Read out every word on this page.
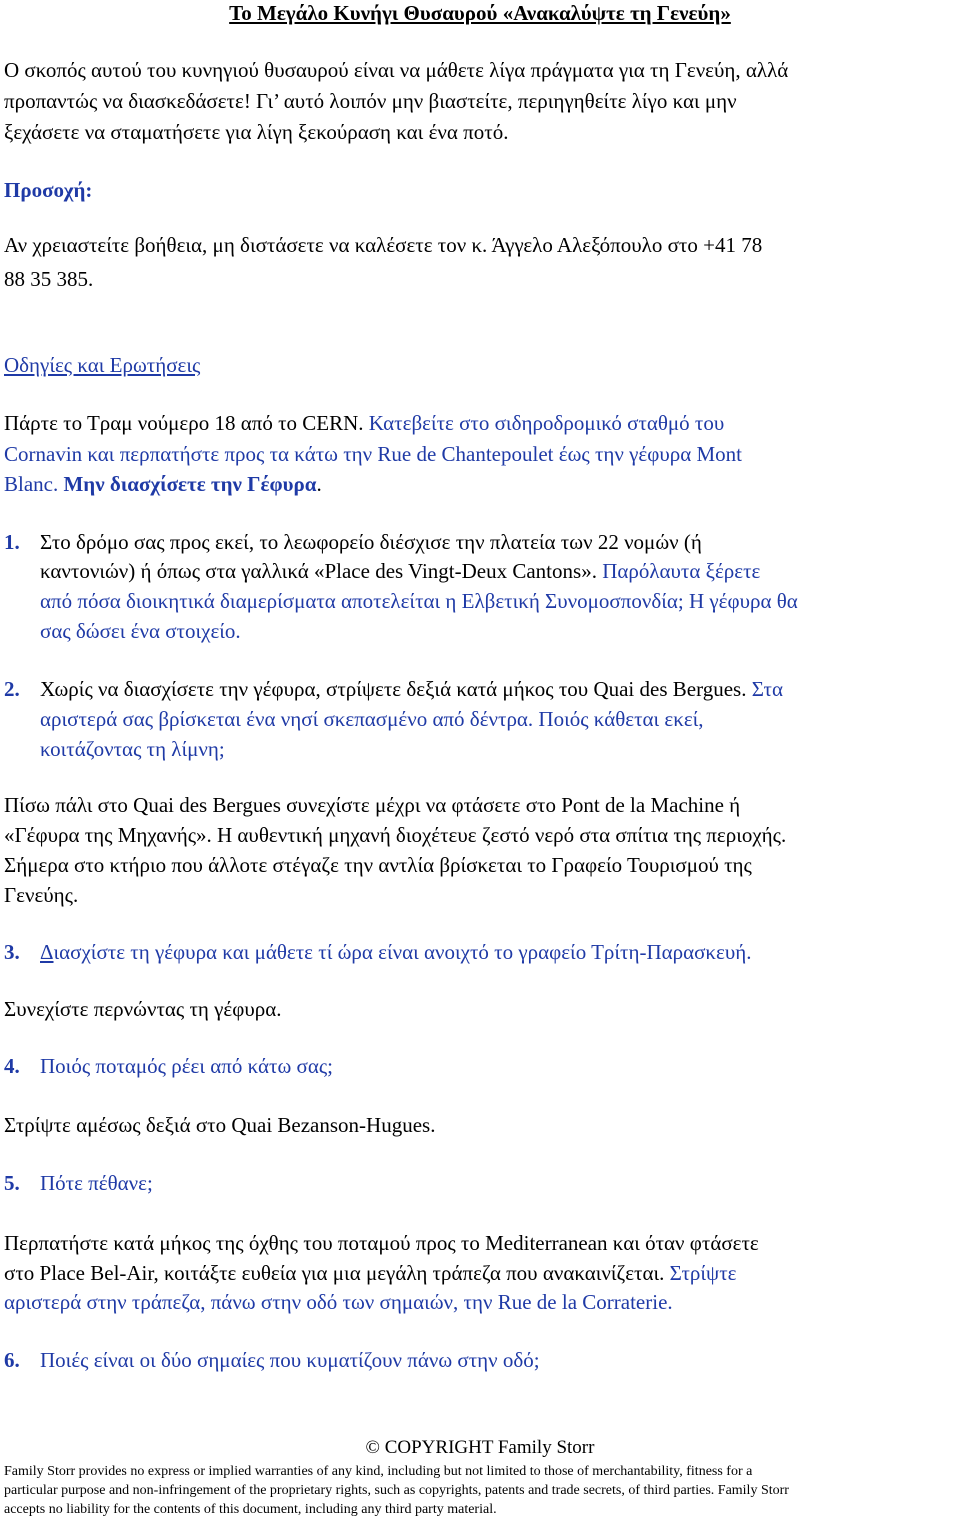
Το Μεγάλο Κυνήγι Θυσαυρού «Ανακαλύψτε τη Γενεύη»

Ο σκοπός αυτού του κυνηγιού θυσαυρού είναι να μάθετε λίγα πράγματα για τη Γενεύη, αλλά

προπαντώς να διασκεδάσετε! Γι’ αυτό λοιπόν μην βιαστείτε, περιηγηθείτε λίγο και μην

ξεχάσετε να σταματήσετε για λίγη ξεκούραση και ένα ποτό.

Προσοχή:

Αν χρειαστείτε βοήθεια, μη διστάσετε να καλέσετε τον κ. Άγγελο Αλεξόπουλο στο +41 78

88 35 385.

Οδηγίες και Ερωτήσεις

Πάρτε το Τραμ νούμερο 18 από το CERN. Κατεβείτε στο σιδηροδρομικό σταθμό του

Cornavin και περπατήστε προς τα κάτω την Rue de Chantepoulet έως την γέφυρα Mont

Blanc. Μην διασχίσετε την Γέφυρα.

1. Στο δρόμο σας προς εκεί, το λεωφορείο διέσχισε την πλατεία των 22 νομών (ή

καντονιών) ή όπως στα γαλλικά «Place des Vingt-Deux Cantons». Παρόλαυτα ξέρετε

από πόσα διοικητικά διαμερίσματα αποτελείται η Ελβετική Συνομοσπονδία; Η γέφυρα θα

σας δώσει ένα στοιχείο.

2. Χωρίς να διασχίσετε την γέφυρα, στρίψετε δεξιά κατά μήκος του Quai des Bergues. Στα

αριστερά σας βρίσκεται ένα νησί σκεπασμένο από δέντρα. Ποιός κάθεται εκεί,

κοιτάζοντας τη λίμνη;

Πίσω πάλι στο Quai des Bergues συνεχίστε μέχρι να φτάσετε στο Pont de la Machine ή

«Γέφυρα της Μηχανής». Η αυθεντική μηχανή διοχέτευε ζεστό νερό στα σπίτια της περιοχής.

Σήμερα στο κτήριο που άλλοτε στέγαζε την αντλία βρίσκεται το Γραφείο Τουρισμού της

Γενεύης.

3. Διασχίστε τη γέφυρα και μάθετε τί ώρα είναι ανοιχτό το γραφείο Τρίτη-Παρασκευή.

Συνεχίστε περνώντας τη γέφυρα.

4. Ποιός ποταμός ρέει από κάτω σας;

Στρίψτε αμέσως δεξιά στο Quai Bezanson-Hugues.

5. Πότε πέθανε;

Περπατήστε κατά μήκος της όχθης του ποταμού προς το Mediterranean και όταν φτάσετε

στο Place Bel-Air, κοιτάξτε ευθεία για μια μεγάλη τράπεζα που ανακαινίζεται. Στρίψτε

αριστερά στην τράπεζα, πάνω στην οδό των σημαιών, την Rue de la Corraterie.

6. Ποιές είναι οι δύο σημαίες που κυματίζουν πάνω στην οδό;

© COPYRIGHT Family Storr
Family Storr provides no express or implied warranties of any kind, including but not limited to those of merchantability, fitness for a
particular purpose and non-infringement of the proprietary rights, such as copyrights, patents and trade secrets, of third parties. Family Storr
accepts no liability for the contents of this document, including any third party material.
